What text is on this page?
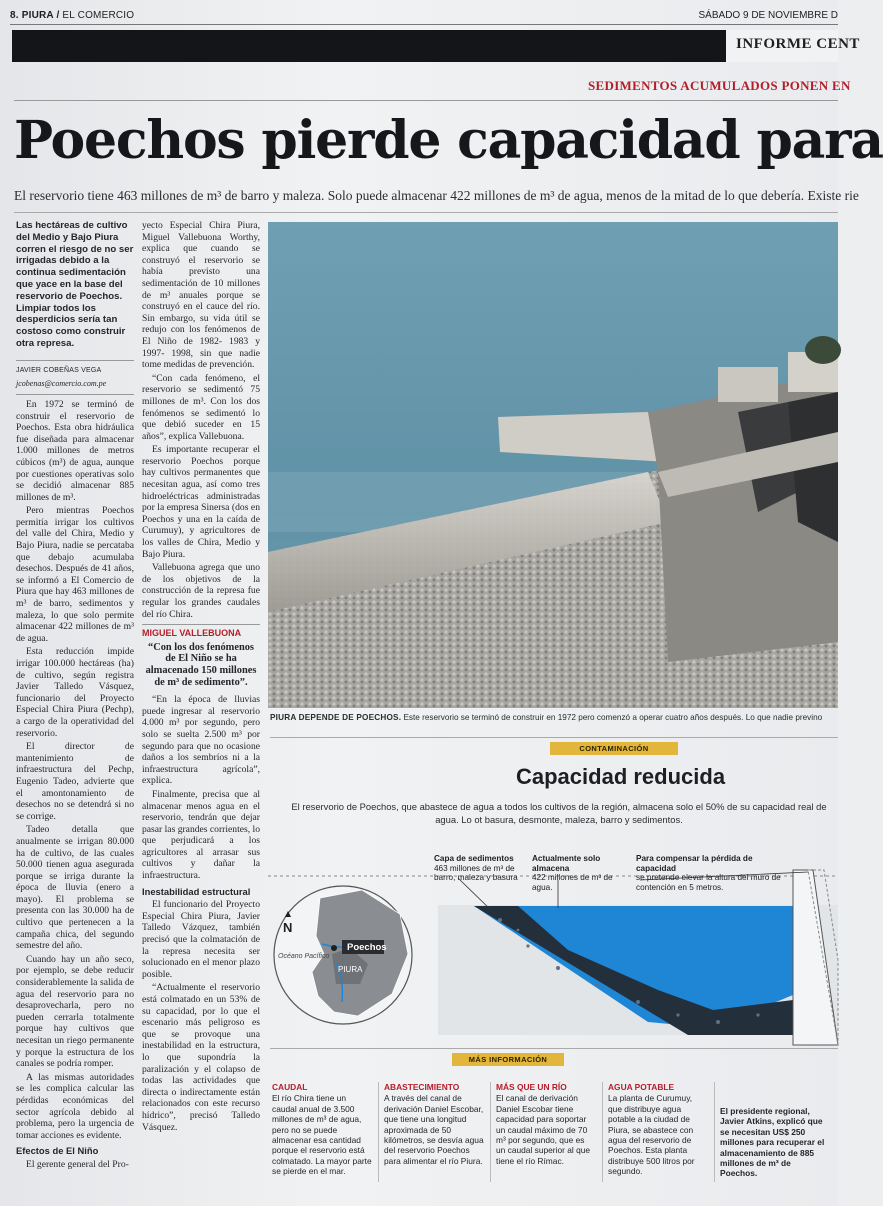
8. PIURA / EL COMERCIO	SÁBADO 9 DE NOVIEMBRE D
INFORME CENT
SEDIMENTOS ACUMULADOS PONEN EN
Poechos pierde capacidad para
El reservorio tiene 463 millones de m³ de barro y maleza. Solo puede almacenar 422 millones de m³ de agua, menos de la mitad de lo que debería. Existe rie

Las hectáreas de cultivo del Medio y Bajo Piura corren el riesgo de no ser irrigadas debido a la continua sedimentación que yace en la base del reservorio de Poechos. Limpiar todos los desperdicios sería tan costoso como construir otra represa.

JAVIER COBEÑAS VEGA

jcobenas@comercio.com.pe

En 1972 se terminó de construir el reservorio de Poechos. Esta obra hidráulica fue diseñada para almacenar 1.000 millones de metros cúbicos (m³) de agua, aunque por cuestiones operativas solo se decidió almacenar 885 millones de m³.

Pero mientras Poechos permitía irrigar los cultivos del valle del Chira, Medio y Bajo Piura, nadie se percataba que debajo acumulaba desechos. Después de 41 años, se informó a El Comercio de Piura que hay 463 millones de m³ de barro, sedimentos y maleza, lo que solo permite almacenar 422 millones de m³ de agua.

Esta reducción impide irrigar 100.000 hectáreas (ha) de cultivo, según registra Javier Talledo Vásquez, funcionario del Proyecto Especial Chira Piura (Pechp), a cargo de la operatividad del reservorio.

El director de mantenimiento de infraestructura del Pechp, Eugenio Tadeo, advierte que el amontonamiento de desechos no se detendrá si no se corrige.

Tadeo detalla que anualmente se irrigan 80.000 ha de cultivo, de las cuales 50.000 tienen agua asegurada porque se irriga durante la época de lluvia (enero a mayo). El problema se presenta con las 30.000 ha de cultivo que pertenecen a la campaña chica, del segundo semestre del año.

Cuando hay un año seco, por ejemplo, se debe reducir considerablemente la salida de agua del reservorio para no desaprovecharla, pero no pueden cerrarla totalmente porque hay cultivos que necesitan un riego permanente y porque la estructura de los canales se podría romper.

A las mismas autoridades se les complica calcular las pérdidas económicas del sector agrícola debido al problema, pero la urgencia de tomar acciones es evidente.

Efectos de El Niño

El gerente general del Pro-

yecto Especial Chira Piura, Miguel Vallebuona Worthy, explica que cuando se construyó el reservorio se había previsto una sedimentación de 10 millones de m³ anuales porque se construyó en el cauce del río. Sin embargo, su vida útil se redujo con los fenómenos de El Niño de 1982- 1983 y 1997- 1998, sin que nadie tome medidas de prevención.

“Con cada fenómeno, el reservorio se sedimentó 75 millones de m³. Con los dos fenómenos se sedimentó lo que debió suceder en 15 años”, explica Vallebuona.

Es importante recuperar el reservorio Poechos porque hay cultivos permanentes que necesitan agua, así como tres hidroeléctricas administradas por la empresa Sinersa (dos en Poechos y una en la caída de Curumuy), y agricultores de los valles de Chira, Medio y Bajo Piura.

Vallebuona agrega que uno de los objetivos de la construcción de la represa fue regular los grandes caudales del río Chira.

MIGUEL VALLEBUONA

“Con los dos fenómenos de El Niño se ha almacenado 150 millones de m³ de sedimento”.

“En la época de lluvias puede ingresar al reservorio 4.000 m³ por segundo, pero solo se suelta 2.500 m³ por segundo para que no ocasione daños a los sembríos ni a la infraestructura agrícola”, explica.

Finalmente, precisa que al almacenar menos agua en el reservorio, tendrán que dejar pasar las grandes corrientes, lo que perjudicará a los agricultores al arrasar sus cultivos y dañar la infraestructura.

Inestabilidad estructural

El funcionario del Proyecto Especial Chira Piura, Javier Talledo Vázquez, también precisó que la colmatación de la represa necesita ser solucionado en el menor plazo posible.

“Actualmente el reservorio está colmatado en un 53% de su capacidad, por lo que el escenario más peligroso es que se provoque una inestabilidad en la estructura, lo que supondría la paralización y el colapso de todas las actividades que directa o indirectamente están relacionados con este recurso hídrico”, precisó Talledo Vásquez.

PIURA DEPENDE DE POECHOS. Este reservorio se terminó de construir en 1972 pero comenzó a operar cuatro años después. Lo que nadie previno
CONTAMINACIÓN
Capacidad reducida
El reservorio de Poechos, que abastece de agua a todos los cultivos de la región, almacena solo el 50% de su capacidad real de agua. Lo ot basura, desmonte, maleza, barro y sedimentos.
Capa de sedimentos
463 millones de m³ de barro, maleza y basura
Actualmente solo almacena
422 millones de m³ de agua.
Para compensar la pérdida de capacidad
se pretende elevar la altura del muro de contención en 5 metros.
Poechos
PIURA
N
Océano Pacífico
MÁS INFORMACIÓN
CAUDAL
El río Chira tiene un caudal anual de 3.500 millones de m³ de agua, pero no se puede almacenar esa cantidad porque el reservorio está colmatado. La mayor parte se pierde en el mar.
ABASTECIMIENTO
A través del canal de derivación Daniel Escobar, que tiene una longitud aproximada de 50 kilómetros, se desvía agua del reservorio Poechos para alimentar el río Piura.
MÁS QUE UN RÍO
El canal de derivación Daniel Escobar tiene capacidad para soportar un caudal máximo de 70 m³ por segundo, que es un caudal superior al que tiene el río Rímac.
AGUA POTABLE
La planta de Curumuy, que distribuye agua potable a la ciudad de Piura, se abastece con agua del reservorio de Poechos. Esta planta distribuye 500 litros por segundo.
El presidente regional, Javier Atkins, explicó que se necesitan US$ 250 millones para recuperar el almacenamiento de 885 millones de m³ de Poechos.
